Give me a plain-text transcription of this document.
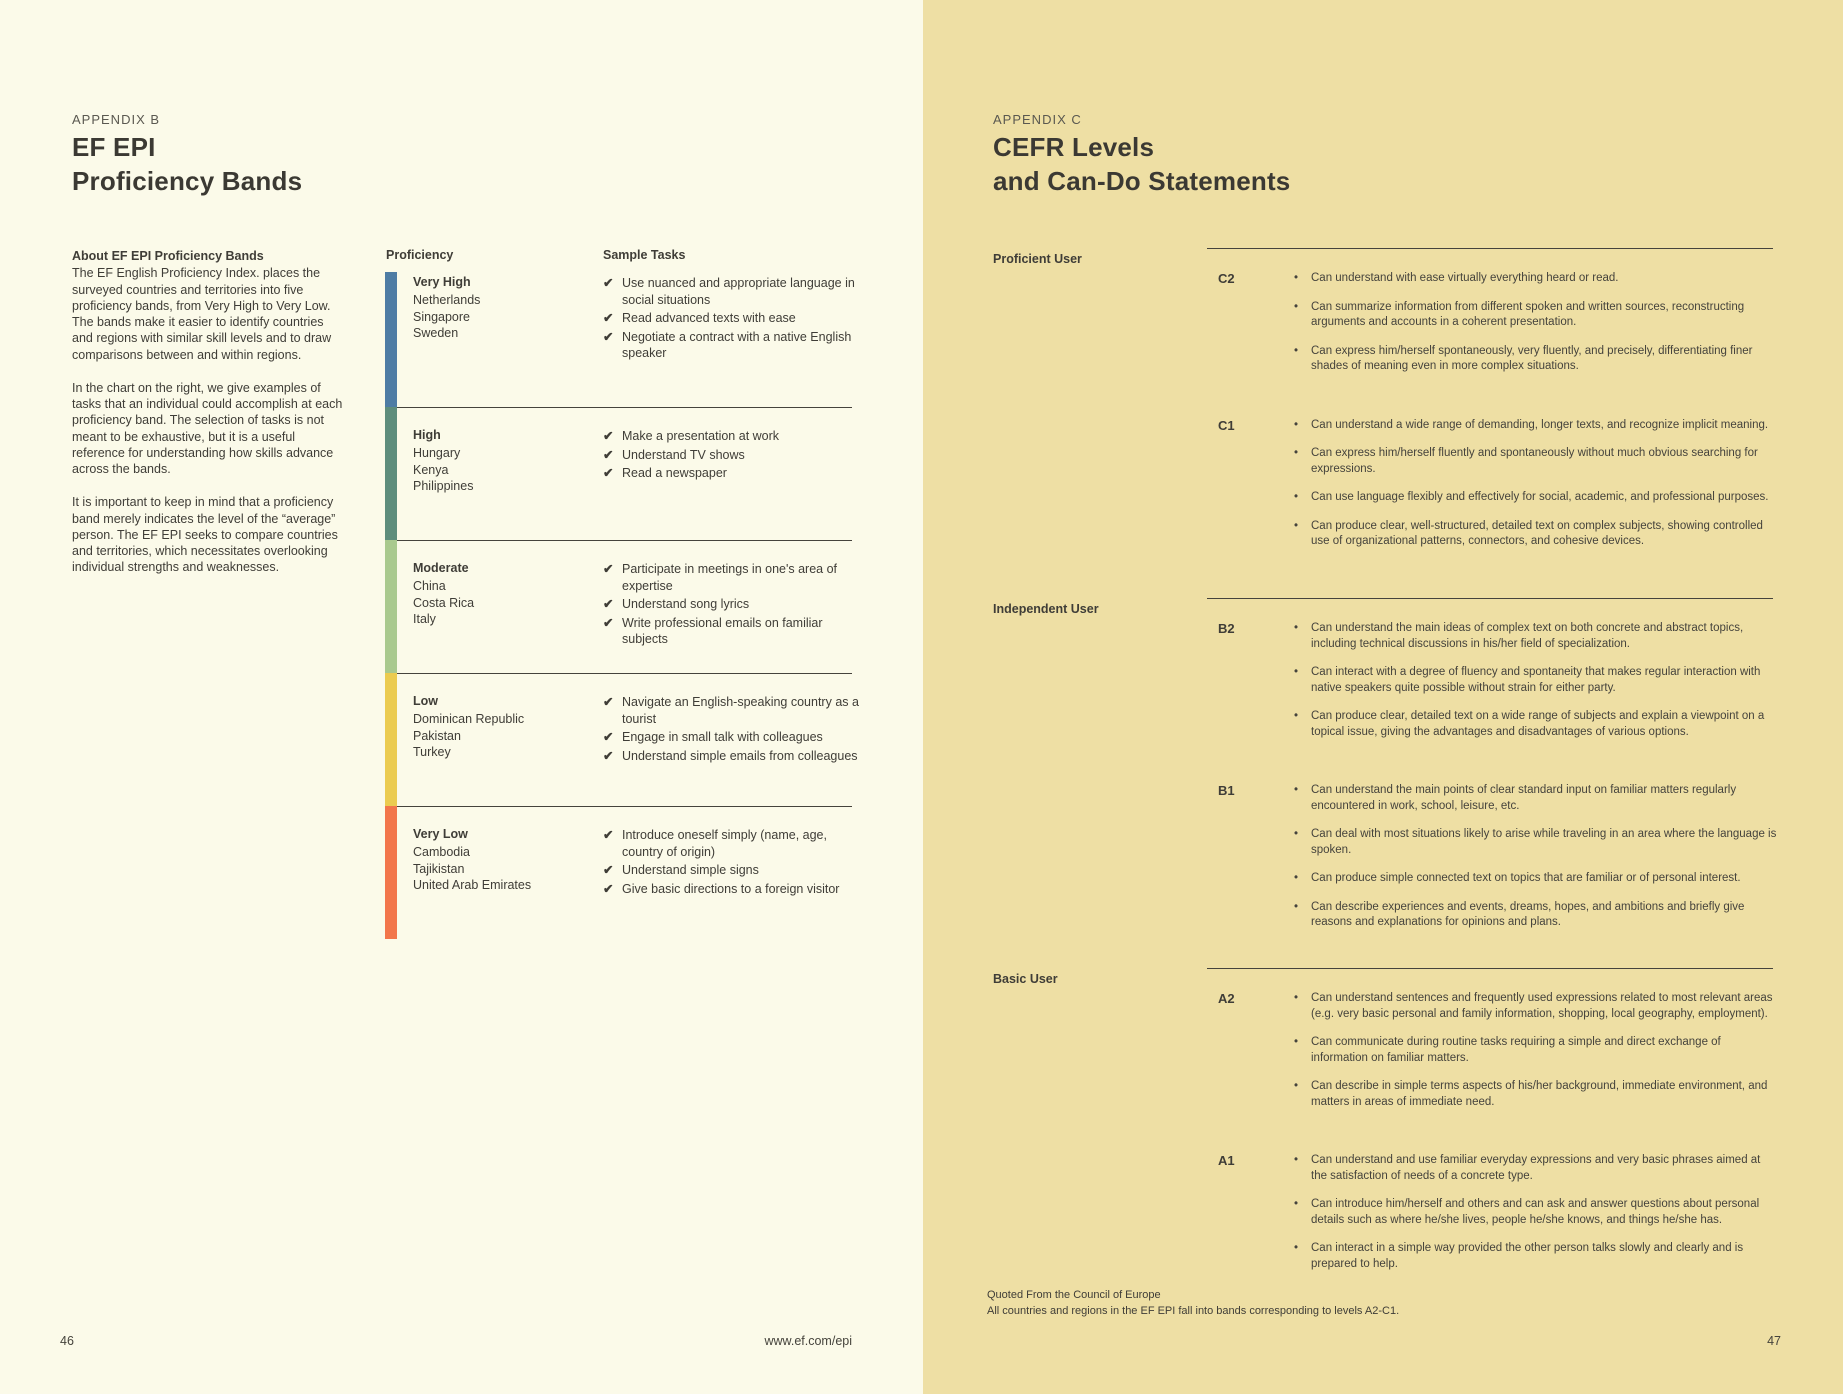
APPENDIX B
EF EPI
Proficiency Bands
About EF EPI Proficiency Bands

The EF English Proficiency Index. places the surveyed countries and territories into five proficiency bands, from Very High to Very Low. The bands make it easier to identify countries and regions with similar skill levels and to draw comparisons between and within regions.

In the chart on the right, we give examples of tasks that an individual could accomplish at each proficiency band. The selection of tasks is not meant to be exhaustive, but it is a useful reference for understanding how skills advance across the bands.

It is important to keep in mind that a proficiency band merely indicates the level of the “average” person. The EF EPI seeks to compare countries and territories, which necessitates overlooking individual strengths and weaknesses.

Proficiency	Sample Tasks
Very High
Netherlands
Singapore
Sweden
✔ Use nuanced and appropriate language in social situations
✔ Read advanced texts with ease
✔ Negotiate a contract with a native English speaker
High
Hungary
Kenya
Philippines
✔ Make a presentation at work
✔ Understand TV shows
✔ Read a newspaper
Moderate
China
Costa Rica
Italy
✔ Participate in meetings in one's area of expertise
✔ Understand song lyrics
✔ Write professional emails on familiar subjects
Low
Dominican Republic
Pakistan
Turkey
✔ Navigate an English-speaking country as a tourist
✔ Engage in small talk with colleagues
✔ Understand simple emails from colleagues
Very Low
Cambodia
Tajikistan
United Arab Emirates
✔ Introduce oneself simply (name, age, country of origin)
✔ Understand simple signs
✔ Give basic directions to a foreign visitor
46	www.ef.com/epi
APPENDIX C
CEFR Levels
and Can-Do Statements
Proficient User
C2	•	Can understand with ease virtually everything heard or read.
•	Can summarize information from different spoken and written sources, reconstructing arguments and accounts in a coherent presentation.
•	Can express him/herself spontaneously, very fluently, and precisely, differentiating finer shades of meaning even in more complex situations.
C1	•	Can understand a wide range of demanding, longer texts, and recognize implicit meaning.
•	Can express him/herself fluently and spontaneously without much obvious searching for expressions.
•	Can use language flexibly and effectively for social, academic, and professional purposes.
•	Can produce clear, well-structured, detailed text on complex subjects, showing controlled use of organizational patterns, connectors, and cohesive devices.
Independent User
B2	•	Can understand the main ideas of complex text on both concrete and abstract topics, including technical discussions in his/her field of specialization.
•	Can interact with a degree of fluency and spontaneity that makes regular interaction with native speakers quite possible without strain for either party.
•	Can produce clear, detailed text on a wide range of subjects and explain a viewpoint on a topical issue, giving the advantages and disadvantages of various options.
B1	•	Can understand the main points of clear standard input on familiar matters regularly encountered in work, school, leisure, etc.
•	Can deal with most situations likely to arise while traveling in an area where the language is spoken.
•	Can produce simple connected text on topics that are familiar or of personal interest.
•	Can describe experiences and events, dreams, hopes, and ambitions and briefly give reasons and explanations for opinions and plans.
Basic User
A2	•	Can understand sentences and frequently used expressions related to most relevant areas (e.g. very basic personal and family information, shopping, local geography, employment).
•	Can communicate during routine tasks requiring a simple and direct exchange of information on familiar matters.
•	Can describe in simple terms aspects of his/her background, immediate environment, and matters in areas of immediate need.
A1	•	Can understand and use familiar everyday expressions and very basic phrases aimed at the satisfaction of needs of a concrete type.
•	Can introduce him/herself and others and can ask and answer questions about personal details such as where he/she lives, people he/she knows, and things he/she has.
•	Can interact in a simple way provided the other person talks slowly and clearly and is prepared to help.
Quoted From the Council of Europe
All countries and regions in the EF EPI fall into bands corresponding to levels A2-C1.
47
